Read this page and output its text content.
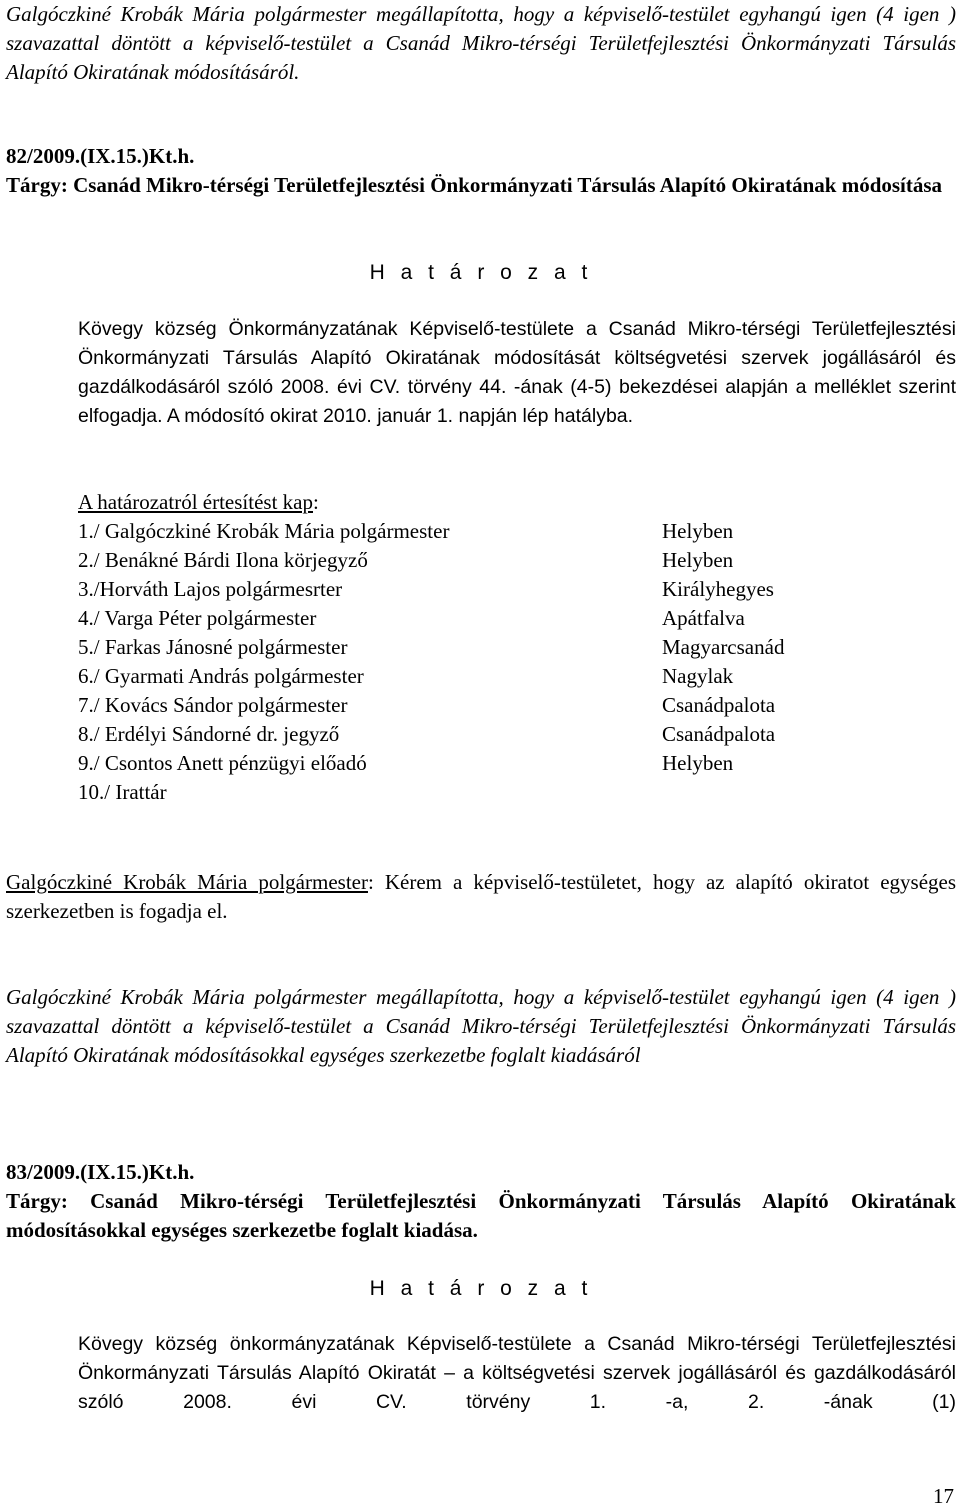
Galgóczkiné Krobák Mária polgármester megállapította, hogy a képviselő-testület egyhangú igen (4 igen ) szavazattal döntött a képviselő-testület a Csanád Mikro-térségi Területfejlesztési Önkormányzati Társulás Alapító Okiratának módosításáról.

82/2009.(IX.15.)Kt.h.

Tárgy: Csanád Mikro-térségi Területfejlesztési Önkormányzati Társulás Alapító Okiratának módosítása

H a t á r o z a t

Kövegy község Önkormányzatának Képviselő-testülete a Csanád Mikro-térségi Területfejlesztési Önkormányzati Társulás Alapító Okiratának módosítását költségvetési szervek jogállásáról és gazdálkodásáról szóló 2008. évi CV. törvény 44. -ának (4-5) bekezdései alapján a melléklet szerint elfogadja. A módosító okirat 2010. január 1. napján lép hatályba.

A határozatról értesítést kap:
1./ Galgóczkiné Krobák Mária polgármester	Helyben
2./ Benákné Bárdi Ilona körjegyző	Helyben
3./Horváth Lajos polgármesrter	Királyhegyes
4./ Varga Péter polgármester	Apátfalva
5./ Farkas Jánosné polgármester	Magyarcsanád
6./ Gyarmati András polgármester	Nagylak
7./ Kovács Sándor polgármester	Csanádpalota
8./ Erdélyi Sándorné dr. jegyző	Csanádpalota
9./ Csontos Anett pénzügyi előadó	Helyben
10./ Irattár

Galgóczkiné Krobák Mária polgármester: Kérem a képviselő-testületet, hogy az alapító okiratot egységes szerkezetben is fogadja el.

Galgóczkiné Krobák Mária polgármester megállapította, hogy a képviselő-testület egyhangú igen (4 igen ) szavazattal döntött a képviselő-testület a Csanád Mikro-térségi Területfejlesztési Önkormányzati Társulás Alapító Okiratának módosításokkal egységes szerkezetbe foglalt kiadásáról

83/2009.(IX.15.)Kt.h.

Tárgy: Csanád Mikro-térségi Területfejlesztési Önkormányzati Társulás Alapító Okiratának módosításokkal egységes szerkezetbe foglalt kiadása.

H a t á r o z a t

Kövegy község önkormányzatának Képviselő-testülete a Csanád Mikro-térségi Területfejlesztési Önkormányzati Társulás Alapító Okiratát – a költségvetési szervek jogállásáról és gazdálkodásáról szóló 2008. évi CV. törvény 1. -a, 2. -ának (1)

17
